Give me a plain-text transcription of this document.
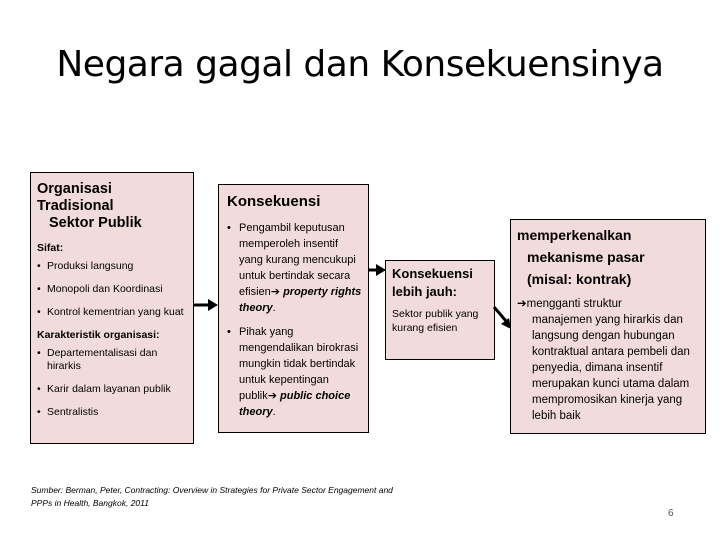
Negara gagal dan Konsekuensinya
Organisasi Tradisional
Sektor Publik
Sifat:
• Produksi langsung
• Monopoli dan Koordinasi
• Kontrol kementrian yang kuat
Karakteristik organisasi:
• Departementalisasi dan hirarkis
• Karir dalam layanan publik
• Sentralistis
Konsekuensi
• Pengambil keputusan memperoleh insentif yang kurang mencukupi untuk bertindak secara efisien➔ property rights theory.
• Pihak yang mengendalikan birokrasi mungkin tidak bertindak untuk kepentingan publik➔ public choice theory.
Konsekuensi
lebih jauh:
Sektor publik yang kurang efisien
memperkenalkan
mekanisme pasar
(misal: kontrak)
➔mengganti struktur
manajemen yang hirarkis dan langsung dengan hubungan kontraktual antara pembeli dan penyedia, dimana insentif merupakan kunci utama dalam mempromosikan kinerja yang lebih baik
Sumber: Berman, Peter, Contracting: Overview in Strategies for Private Sector Engagement and PPPs in Health, Bangkok, 2011
6
